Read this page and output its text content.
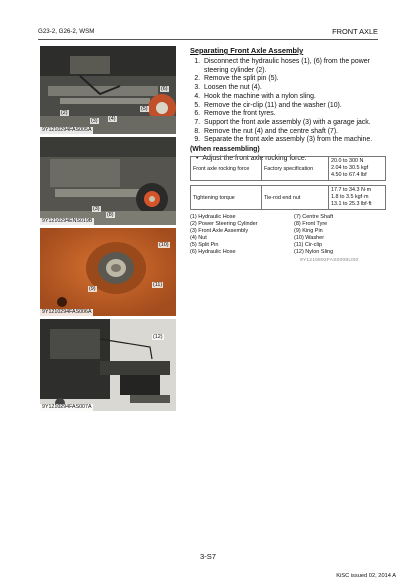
G23-2, G26-2, WSM	FRONT AXLE
(2)
(3) (4)
(5)
(6)
9Y1210294FAS005A
(3)
(8)
9Y1210294ENS019B
(10)
(11)
(9)
9Y1210294FAS006A
(12)
9Y1210294FAS007A
Separating Front Axle Assembly
1. Disconnect the hydraulic hoses (1), (6) from the power steering cylinder (2).
2. Remove the split pin (5).
3. Loosen the nut (4).
4. Hook the machine with a nylon sling.
5. Remove the cir-clip (11) and the washer (10).
6. Remove the front tyres.
7. Support the front axle assembly (3) with a garage jack.
8. Remove the nut (4) and the centre shaft (7).
9. Separate the front axle assembly (3) from the machine.
(When reassembling)
• Adjust the front axle rocking force.
Front axle rocking force	Factory specification	20.0 to 300 N
2.04 to 30.5 kgf
4.50 to 67.4 lbf

Tightening torque	Tie-rod end nut	17.7 to 34.3 N·m
1.8 to 3.5 kgf·m
13.1 to 25.3 lbf·ft
(1) Hydraulic Hose
(2) Power Steering Cylinder
(3) Front Axle Assembly
(4) Nut
(5) Split Pin
(6) Hydraulic Hose
(7) Centre Shaft
(8) Front Tyre
(9) King Pin
(10) Washer
(11) Cir-clip
(12) Nylon Sling
9Y1210892FAS0008US0
3-S7
KiSC issued 02, 2014 A
